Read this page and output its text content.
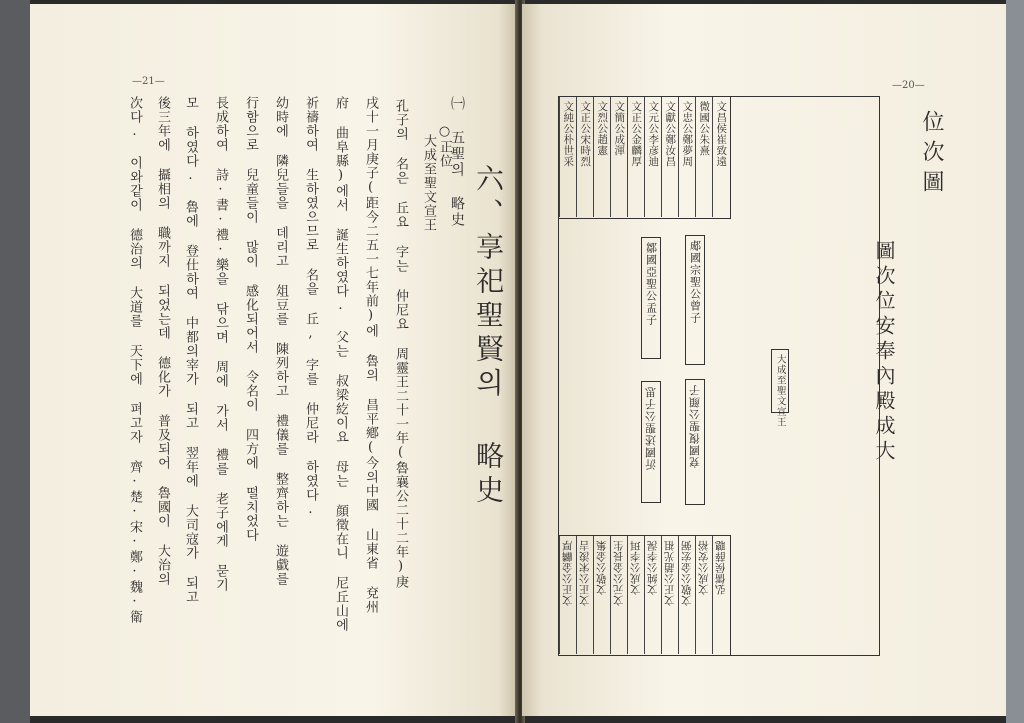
—21—
次다. 이와같이 德治의 大道를 天下에 펴고자 齊·楚·宋·鄭·魏·衛 後三年에 攝相의 職까지 되었는데 德化가 普及되어 魯國이 大治의 모 하였다. 魯에 登仕하여 中都의宰가 되고 翌年에 大司寇가 되고 長成하여 詩·書·禮·樂을 닦으며 周에 가서 禮를 老子에게 묻기 行함으로 兒童들이 많이 感化되어서 令名이 四方에 떨치었다 幼時에 隣兒들을 데리고 俎豆를 陳列하고 禮儀를 整齊하는 遊戱를 祈禱하여 生하였으므로 名을 丘, 字를 仲尼라 하였다. 府 曲阜縣)에서 誕生하였다. 父는 叔梁紇이요 母는 顔徵在니 尼丘山에 戌十一月庚子(距今二五一七年前)에 魯의 昌平鄕(今의中國 山東省 兗州 孔子의 名은 丘요 字는 仲尼요 周靈王二十一年(魯襄公二十二年)庚 大成至聖文宣王 ○正位
㈠ 五聖의 略史
六、享祀聖賢의 略史
—20—
位次圖
圖次位安奉內殿成大
文昌侯崔致遠
微國公朱熹
文忠公鄭夢周
文獻公鄭汝昌
文元公李彦迪
文正公金麟厚
文簡公成渾
文烈公趙憲
文正公宋時烈
文純公朴世采
弘儒侯薛聰
文成公安裕
文敬公金宏弼
文正公趙光祖
文純公李滉
文成公李珥
文元公金長生
文敬公金集
文正公宋浚吉
文正公金麟厚
郕國宗聖公曾子
鄒國亞聖公孟子
大成至聖文宣王
兗國復聖公顔子
沂國述聖公子思
